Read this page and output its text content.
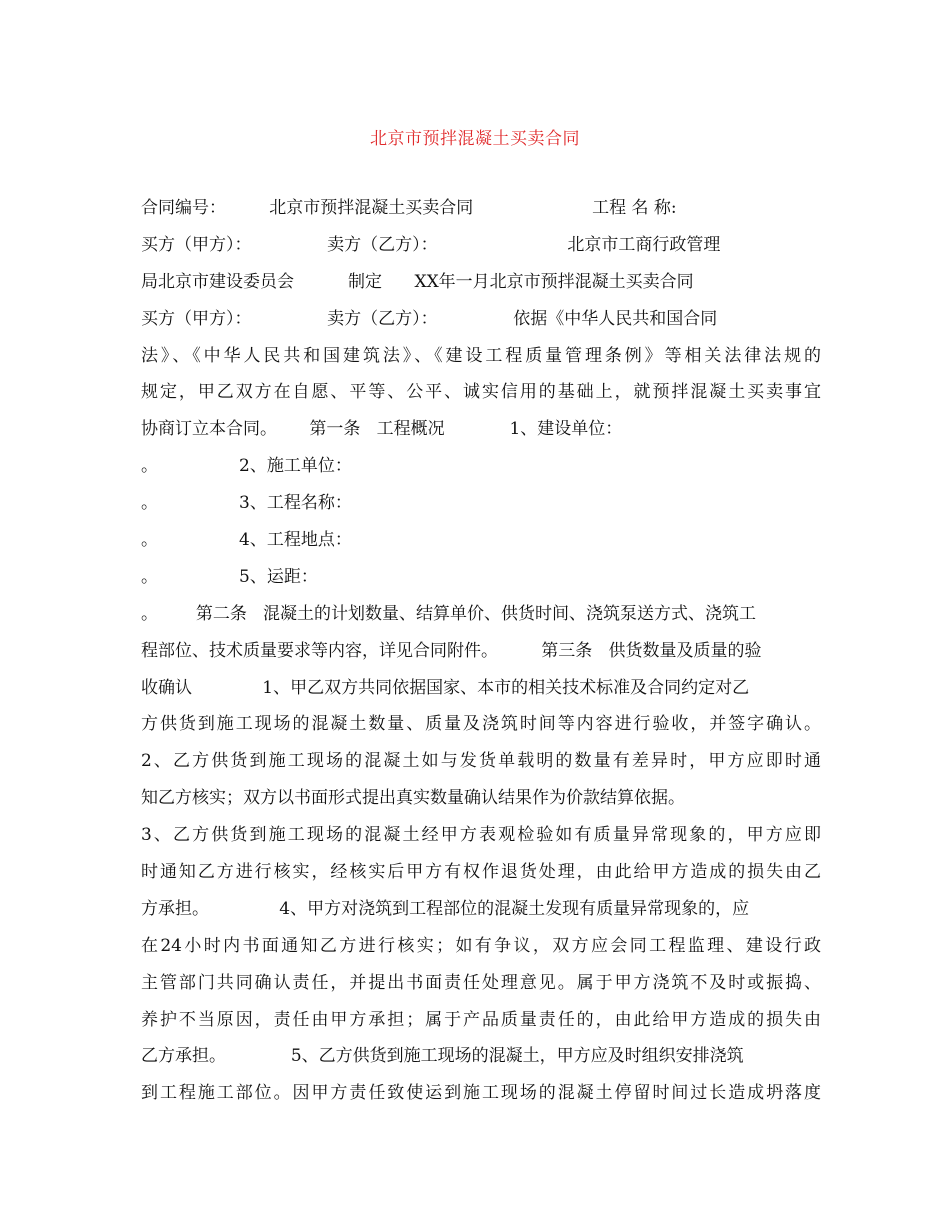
北京市预拌混凝土买卖合同
合同编号：        北京市预拌混凝土买卖合同                      工程 名 称:
买方（甲方）：              卖方（乙方）：                        北京市工商行政管理
局北京市建设委员会          制定      XX年一月北京市预拌混凝土买卖合同
买方（甲方）：              卖方（乙方）：              依据《中华人民共和国合同
法》、《中华人民共和国建筑法》、《建设工程质量管理条例》等相关法律法规的
规定，甲乙双方在自愿、平等、公平、诚实信用的基础上，就预拌混凝土买卖事宜
协商订立本合同。      第一条   工程概况            1、建设单位：
。               2、施工单位：
。               3、工程名称：
。               4、工程地点：
。               5、运距：
。       第二条   混凝土的计划数量、结算单价、供货时间、浇筑泵送方式、浇筑工
程部位、技术质量要求等内容，详见合同附件。        第三条   供货数量及质量的验
收确认             1、甲乙双方共同依据国家、本市的相关技术标准及合同约定对乙
方供货到施工现场的混凝土数量、质量及浇筑时间等内容进行验收，并签字确认。
2、乙方供货到施工现场的混凝土如与发货单载明的数量有差异时，甲方应即时通
知乙方核实；双方以书面形式提出真实数量确认结果作为价款结算依据。
3、乙方供货到施工现场的混凝土经甲方表观检验如有质量异常现象的，甲方应即
时通知乙方进行核实，经核实后甲方有权作退货处理，由此给甲方造成的损失由乙
方承担。             4、甲方对浇筑到工程部位的混凝土发现有质量异常现象的，应
在24小时内书面通知乙方进行核实；如有争议，双方应会同工程监理、建设行政
主管部门共同确认责任，并提出书面责任处理意见。属于甲方浇筑不及时或振捣、
养护不当原因，责任由甲方承担；属于产品质量责任的，由此给甲方造成的损失由
乙方承担。            5、乙方供货到施工现场的混凝土，甲方应及时组织安排浇筑
到工程施工部位。因甲方责任致使运到施工现场的混凝土停留时间过长造成坍落度
